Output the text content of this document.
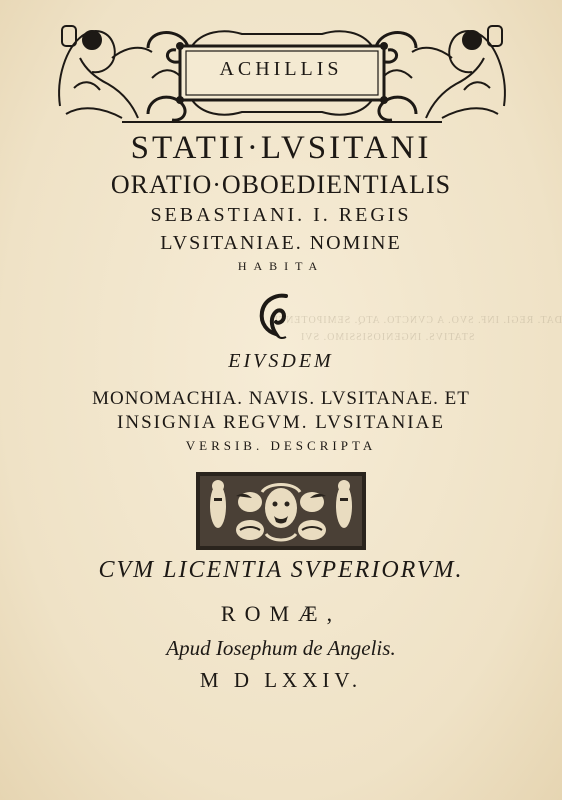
DAT. REGI. INF. SVO. A CVNCTO. ATQ. SEMIPOTENTI
STATIVS. INGENIOSISSIMO. SVI
ACHILLIS
STATII·LVSITANI
ORATIO·OBOEDIENTIALIS
SEBASTIANI. I. REGIS
LVSITANIAE. NOMINE
HABITA
EIVSDEM
MONOMACHIA. NAVIS. LVSITANAE. ET
INSIGNIA REGVM. LVSITANIAE
VERSIB. DESCRIPTA
CVM LICENTIA SVPERIORVM.
ROMÆ,
Apud Iosephum de Angelis.
M D LXXIV.
